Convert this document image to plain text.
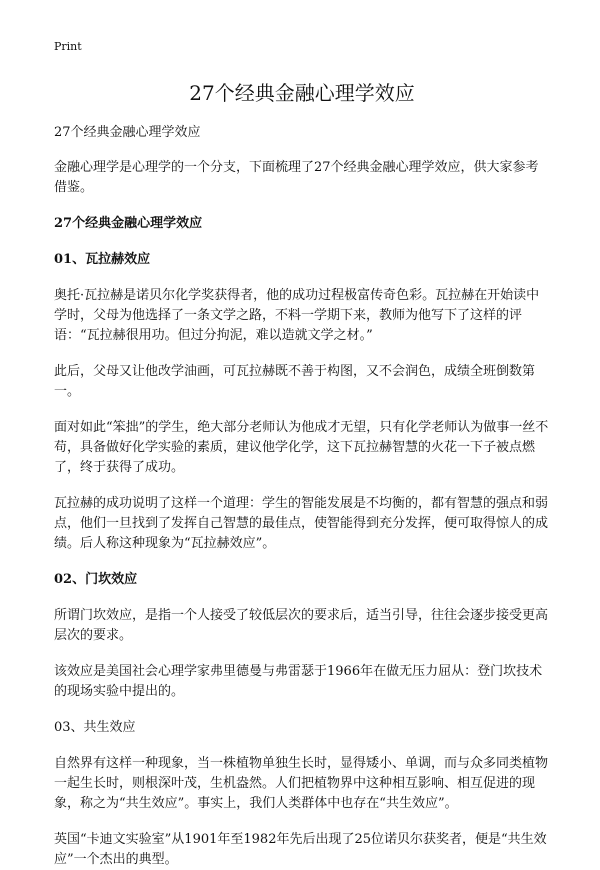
Print
27个经典金融心理学效应

27个经典金融心理学效应

金融心理学是心理学的一个分支，下面梳理了27个经典金融心理学效应，供大家参考借鉴。

27个经典金融心理学效应

01、瓦拉赫效应

奥托·瓦拉赫是诺贝尔化学奖获得者，他的成功过程极富传奇色彩。瓦拉赫在开始读中学时，父母为他选择了一条文学之路，不料一学期下来，教师为他写下了这样的评语：“瓦拉赫很用功。但过分拘泥，难以造就文学之材。”

此后，父母又让他改学油画，可瓦拉赫既不善于构图，又不会润色，成绩全班倒数第一。

面对如此“笨拙”的学生，绝大部分老师认为他成才无望，只有化学老师认为做事一丝不苟，具备做好化学实验的素质，建议他学化学，这下瓦拉赫智慧的火花一下子被点燃了，终于获得了成功。

瓦拉赫的成功说明了这样一个道理：学生的智能发展是不均衡的，都有智慧的强点和弱点，他们一旦找到了发挥自己智慧的最佳点，使智能得到充分发挥，便可取得惊人的成绩。后人称这种现象为“瓦拉赫效应”。

02、门坎效应

所谓门坎效应，是指一个人接受了较低层次的要求后，适当引导，往往会逐步接受更高层次的要求。

该效应是美国社会心理学家弗里德曼与弗雷瑟于1966年在做无压力屈从：登门坎技术的现场实验中提出的。

03、共生效应

自然界有这样一种现象，当一株植物单独生长时，显得矮小、单调，而与众多同类植物一起生长时，则根深叶茂，生机盎然。人们把植物界中这种相互影响、相互促进的现象，称之为“共生效应”。事实上，我们人类群体中也存在“共生效应”。

英国“卡迪文实验室”从1901年至1982年先后出现了25位诺贝尔获奖者，便是“共生效应”一个杰出的典型。
